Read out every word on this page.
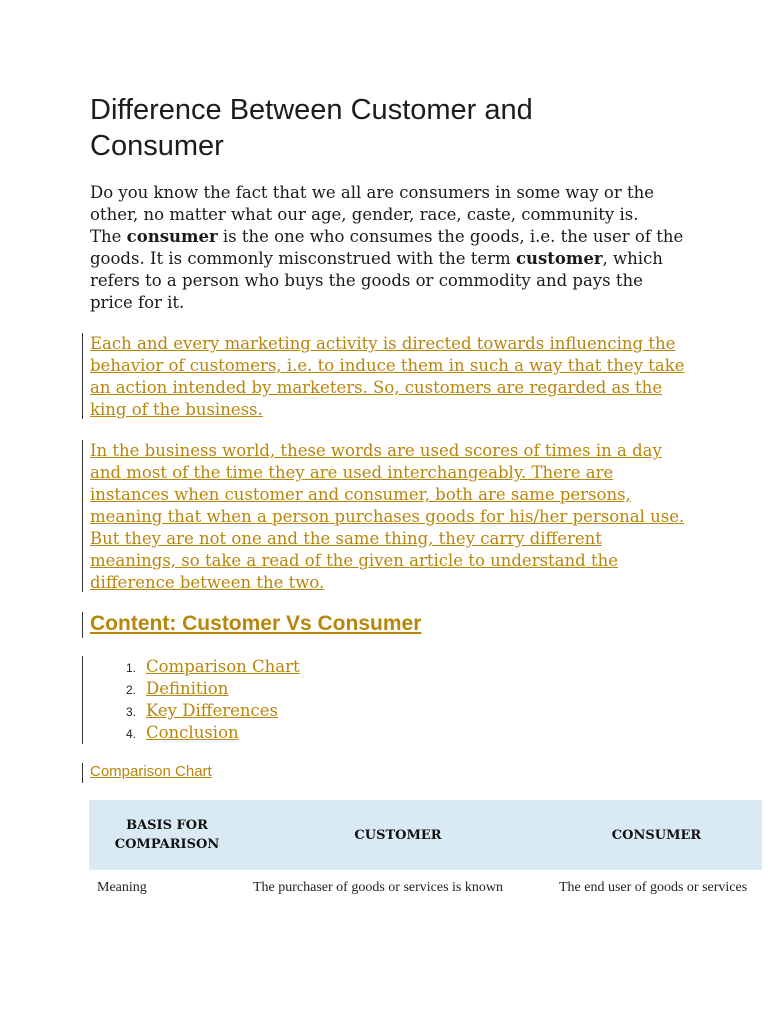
Difference Between Customer and
Consumer

Do you know the fact that we all are consumers in some way or the
other, no matter what our age, gender, race, caste, community is.
The consumer is the one who consumes the goods, i.e. the user of the
goods. It is commonly misconstrued with the term customer, which
refers to a person who buys the goods or commodity and pays the
price for it.

Each and every marketing activity is directed towards influencing the
behavior of customers, i.e. to induce them in such a way that they take
an action intended by marketers. So, customers are regarded as the
king of the business.

In the business world, these words are used scores of times in a day
and most of the time they are used interchangeably. There are
instances when customer and consumer, both are same persons,
meaning that when a person purchases goods for his/her personal use.
But they are not one and the same thing, they carry different
meanings, so take a read of the given article to understand the
difference between the two.

Content: Customer Vs Consumer
1. Comparison Chart
2. Definition
3. Key Differences
4. Conclusion
Comparison Chart
BASIS FOR
COMPARISON	CUSTOMER	CONSUMER
Meaning	The purchaser of goods or services is known	The end user of goods or services
